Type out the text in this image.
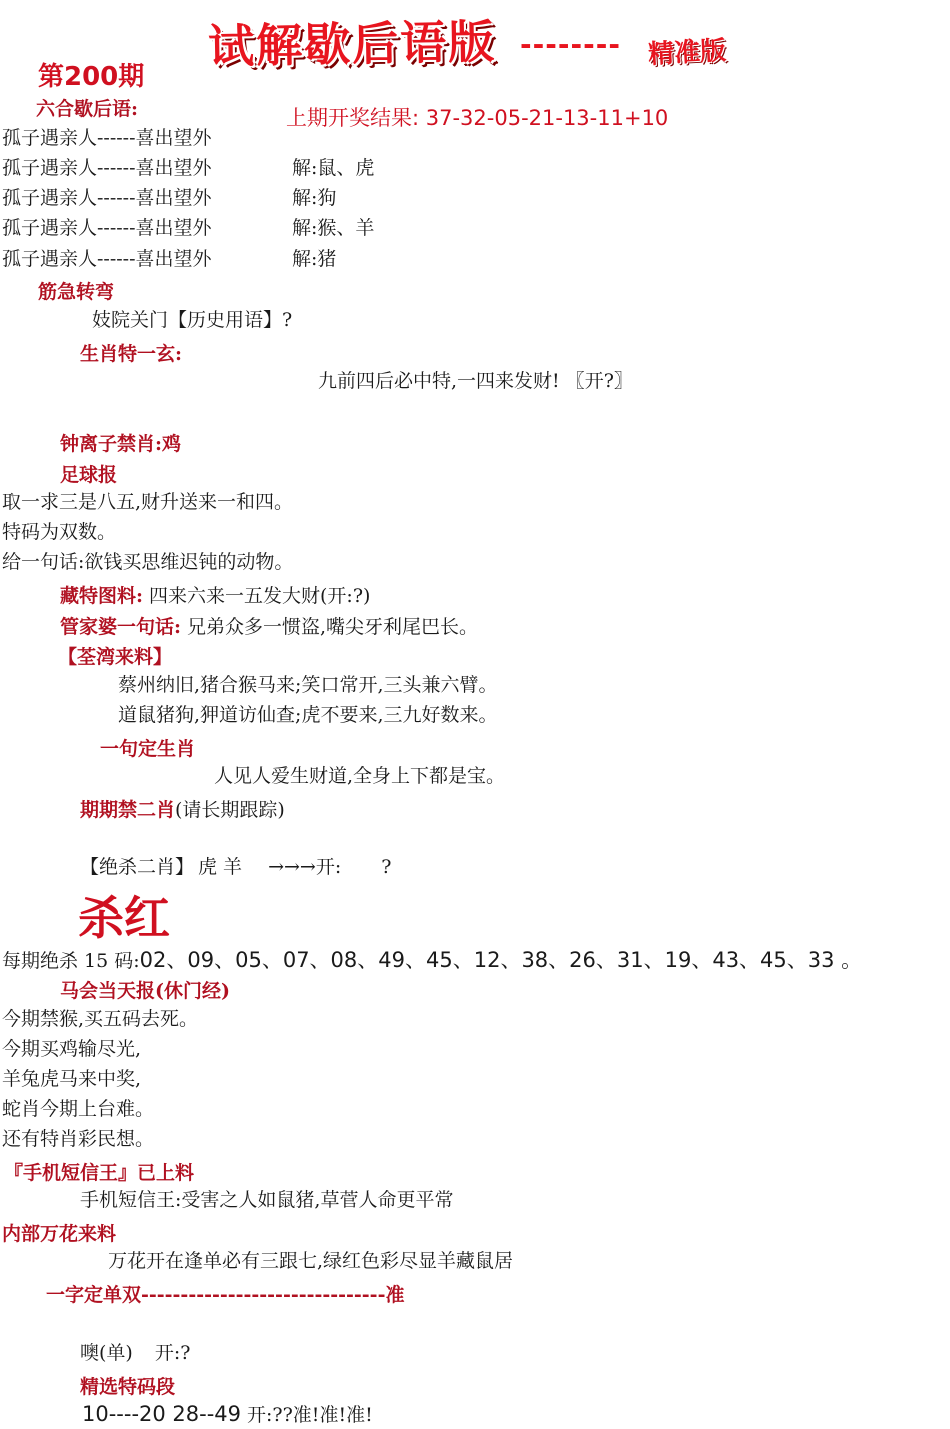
试解歇后语版 -------- 精准版
第200期
上期开奖结果: 37-32-05-21-13-11+10
六合歇后语:
孤子遇亲人------喜出望外
孤子遇亲人------喜出望外
孤子遇亲人------喜出望外
孤子遇亲人------喜出望外
孤子遇亲人------喜出望外
解:鼠、虎
解:狗
解:猴、羊
解:猪
筋急转弯
妓院关门【历史用语】?
生肖特一玄:
九前四后必中特,一四来发财! 〖开?〗
钟离子禁肖:鸡
足球报
取一求三是八五,财升送来一和四。
特码为双数。
给一句话:欲钱买思维迟钝的动物。
藏特图料: 四来六来一五发大财(开:?)
管家婆一句话: 兄弟众多一惯盗,嘴尖牙利尾巴长。
【荃湾来料】
蔡州纳旧,猪合猴马来;笑口常开,三头兼六臂。
道鼠猪狗,狎道访仙查;虎不要来,三九好数来。
一句定生肖
人见人爱生财道,全身上下都是宝。
期期禁二肖(请长期跟踪)
【绝杀二肖】 虎 羊 →→→开: ?
杀红
每期绝杀 15 码:02、09、05、07、08、49、45、12、38、26、31、19、43、45、33 。
马会当天报(休门经)
今期禁猴,买五码去死。
今期买鸡输尽光,
羊兔虎马来中奖,
蛇肖今期上台难。
还有特肖彩民想。
『手机短信王』已上料
手机短信王:受害之人如鼠猪,草菅人命更平常
内部万花来料
万花开在逢单必有三跟七,绿红色彩尽显羊藏鼠居
一字定单双-------------------------------准
噢(单) 开:?
精选特码段
10----20 28--49 开:??准!准!准!
